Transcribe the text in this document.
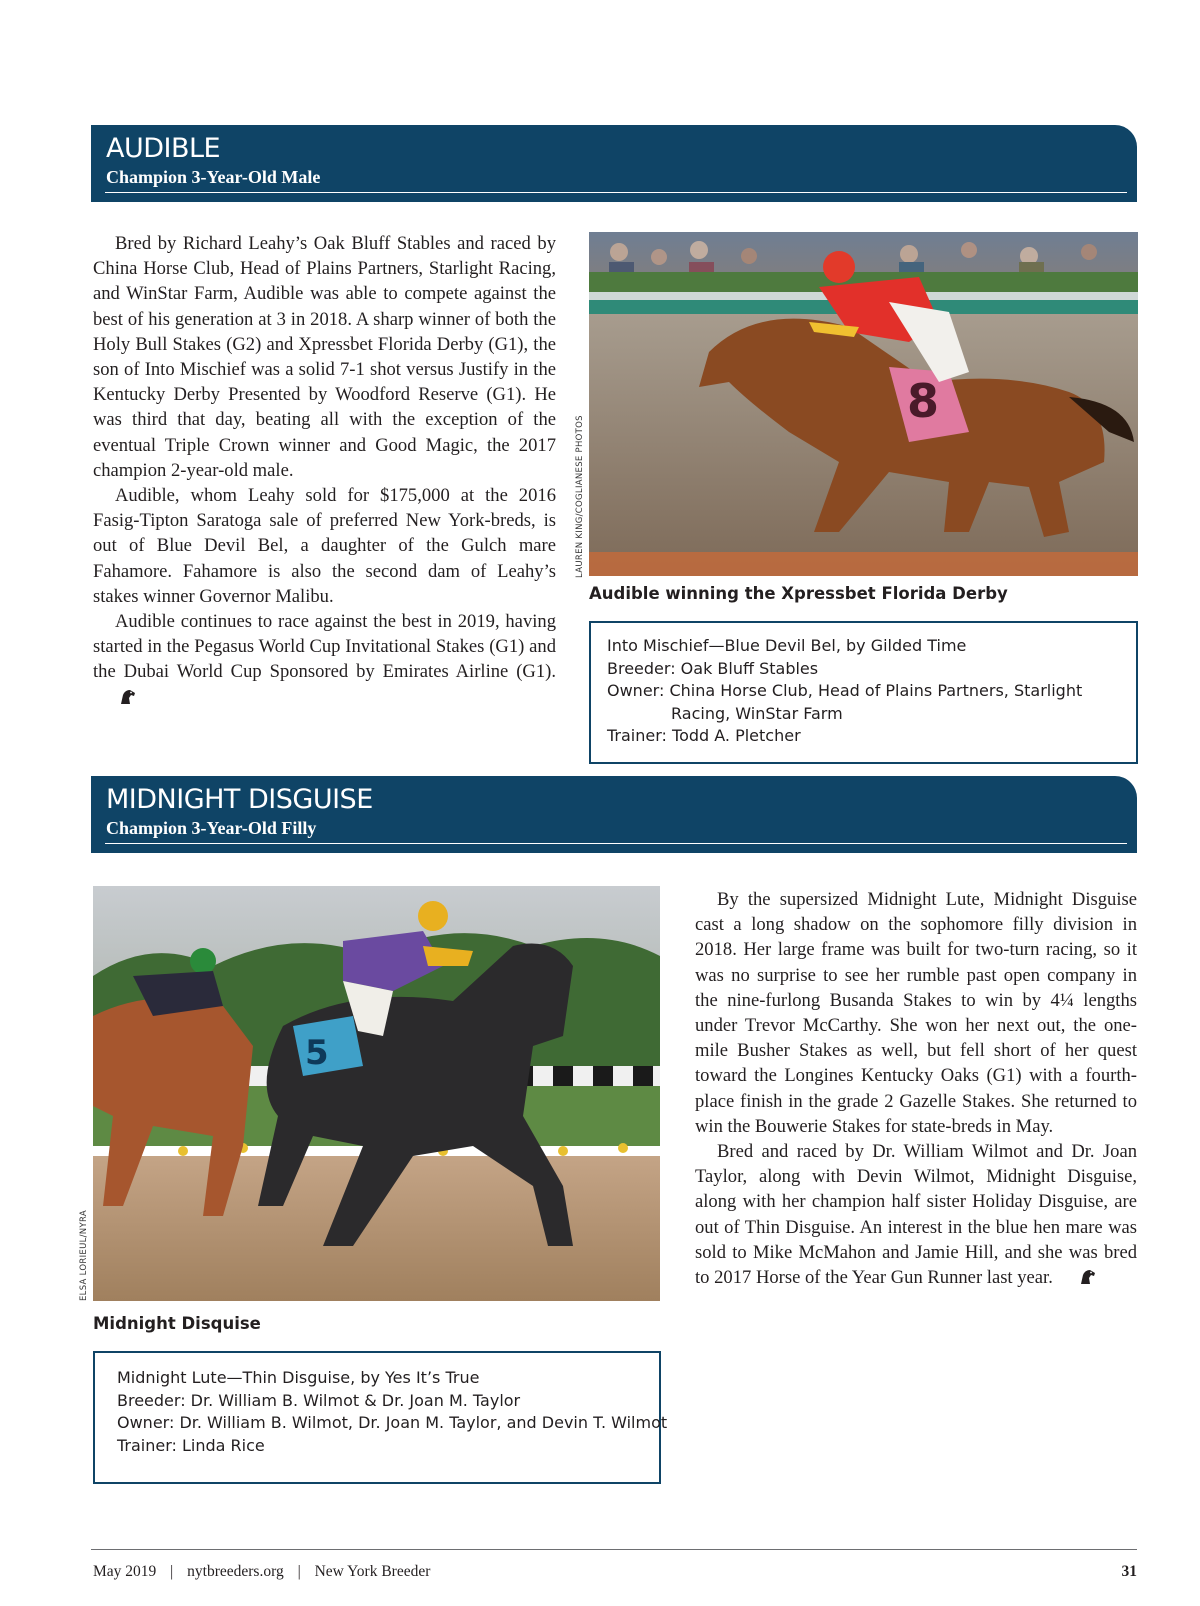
AUDIBLE
Champion 3-Year-Old Male

Bred by Richard Leahy’s Oak Bluff Stables and raced by China Horse Club, Head of Plains Partners, Starlight Racing, and WinStar Farm, Audible was able to compete against the best of his generation at 3 in 2018. A sharp winner of both the Holy Bull Stakes (G2) and Xpressbet Florida Derby (G1), the son of Into Mischief was a solid 7-1 shot versus Justify in the Kentucky Derby Presented by Woodford Reserve (G1). He was third that day, beating all with the exception of the eventual Triple Crown winner and Good Magic, the 2017 champion 2-year-old male.

Audible, whom Leahy sold for $175,000 at the 2016 Fasig-Tipton Saratoga sale of preferred New York-breds, is out of Blue Devil Bel, a daughter of the Gulch mare Fahamore. Fahamore is also the second dam of Leahy’s stakes winner Governor Malibu.

Audible continues to race against the best in 2019, having started in the Pegasus World Cup Invitational Stakes (G1) and the Dubai World Cup Sponsored by Emirates Airline (G1).

8
LAUREN KING/COGLIANESE PHOTOS
Audible winning the Xpressbet Florida Derby
Into Mischief—Blue Devil Bel, by Gilded Time
Breeder: Oak Bluff Stables
Owner: China Horse Club, Head of Plains Partners, Starlight
Racing, WinStar Farm
Trainer: Todd A. Pletcher
MIDNIGHT DISGUISE
Champion 3-Year-Old Filly
5
ELSA LORIEUL/NYRA
Midnight Disquise
Midnight Lute—Thin Disguise, by Yes It’s True
Breeder: Dr. William B. Wilmot & Dr. Joan M. Taylor
Owner: Dr. William B. Wilmot, Dr. Joan M. Taylor, and Devin T. Wilmot
Trainer: Linda Rice

By the supersized Midnight Lute, Midnight Disguise cast a long shadow on the sophomore filly division in 2018. Her large frame was built for two-turn racing, so it was no surprise to see her rumble past open company in the nine-furlong Busanda Stakes to win by 4¼ lengths under Trevor McCarthy. She won her next out, the one-mile Busher Stakes as well, but fell short of her quest toward the Longines Kentucky Oaks (G1) with a fourth-place finish in the grade 2 Gazelle Stakes. She returned to win the Bouwerie Stakes for state-breds in May.

Bred and raced by Dr. William Wilmot and Dr. Joan Taylor, along with Devin Wilmot, Midnight Disguise, along with her champion half sister Holiday Disguise, are out of Thin Disguise. An interest in the blue hen mare was sold to Mike McMahon and Jamie Hill, and she was bred to 2017 Horse of the Year Gun Runner last year.

May 2019 | nytbreeders.org | New York Breeder	31
